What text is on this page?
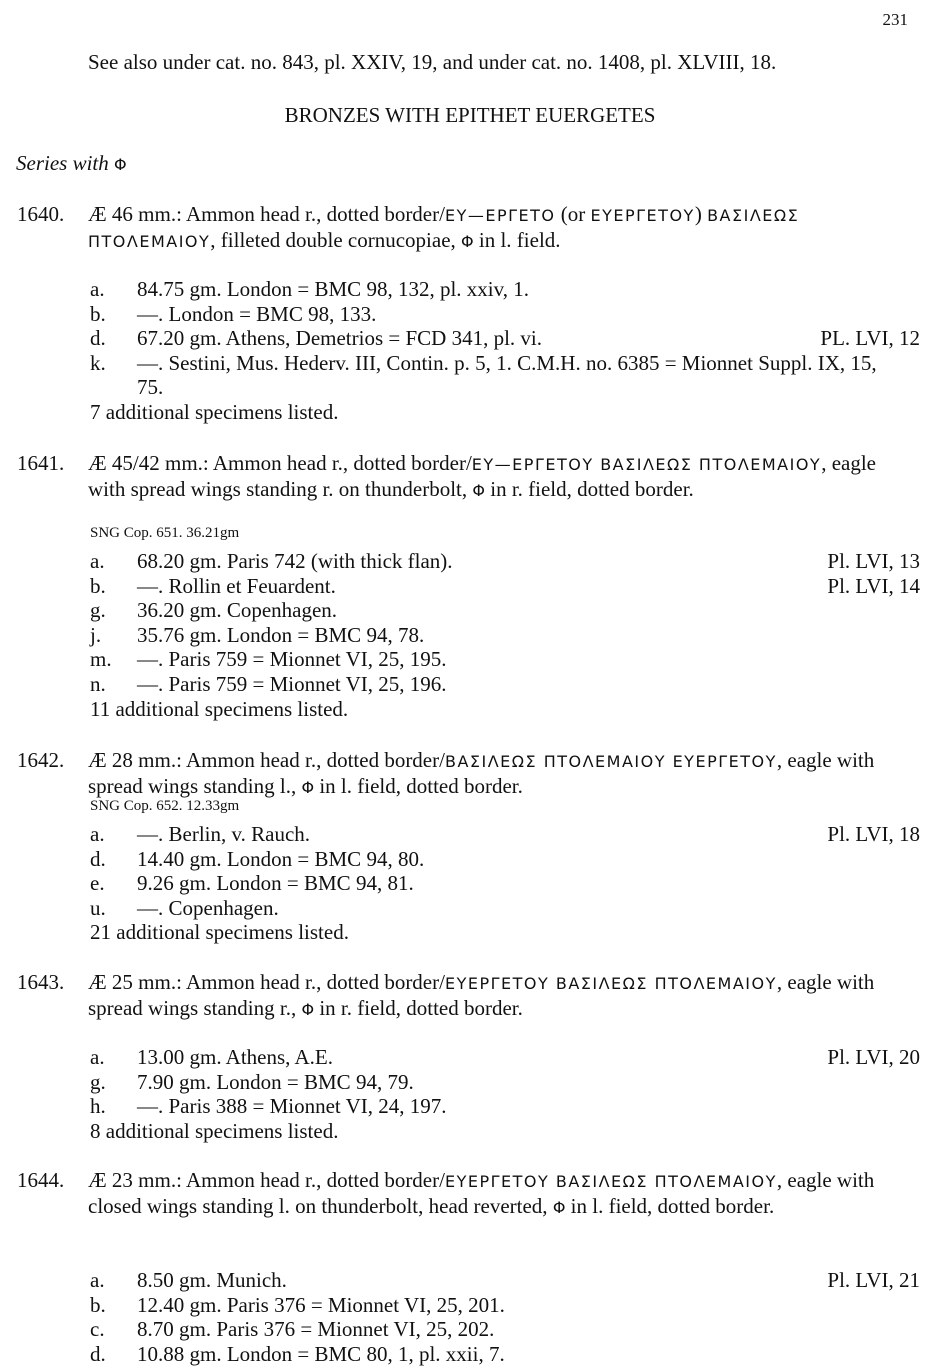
231
See also under cat. no. 843, pl. XXIV, 19, and under cat. no. 1408, pl. XLVIII, 18.
BRONZES WITH EPITHET EUERGETES
Series with Φ
1640. Æ 46 mm.: Ammon head r., dotted border/ΕΥ—ΕΡΓΕΤΟ (or ΕΥΕΡΓΕΤΟΥ) ΒΑΣΙΛΕΩΣ ΠΤΟΛΕΜΑΙΟΥ, filleted double cornucopiae, Φ in l. field.
a. 84.75 gm. London = BMC 98, 132, pl. xxiv, 1.
b. —. London = BMC 98, 133.
d. 67.20 gm. Athens, Demetrios = FCD 341, pl. vi.	PL. LVI, 12
k. —. Sestini, Mus. Hederv. III, Contin. p. 5, 1. C.M.H. no. 6385 = Mionnet Suppl. IX, 15, 75.
7 additional specimens listed.
1641. Æ 45/42 mm.: Ammon head r., dotted border/ΕΥ—ΕΡΓΕΤΟΥ ΒΑΣΙΛΕΩΣ ΠΤΟΛΕΜΑΙΟΥ, eagle with spread wings standing r. on thunderbolt, Φ in r. field, dotted border.
SNG Cop. 651. 36.21gm
a. 68.20 gm. Paris 742 (with thick flan).	Pl. LVI, 13
b. —. Rollin et Feuardent.	Pl. LVI, 14
g. 36.20 gm. Copenhagen.
j. 35.76 gm. London = BMC 94, 78.
m. —. Paris 759 = Mionnet VI, 25, 195.
n. —. Paris 759 = Mionnet VI, 25, 196.
11 additional specimens listed.
1642. Æ 28 mm.: Ammon head r., dotted border/ΒΑΣΙΛΕΩΣ ΠΤΟΛΕΜΑΙΟΥ ΕΥΕΡΓΕΤΟΥ, eagle with spread wings standing l., Φ in l. field, dotted border.
SNG Cop. 652. 12.33gm
a. —. Berlin, v. Rauch.	Pl. LVI, 18
d. 14.40 gm. London = BMC 94, 80.
e. 9.26 gm. London = BMC 94, 81.
u. —. Copenhagen.
21 additional specimens listed.
1643. Æ 25 mm.: Ammon head r., dotted border/ΕΥΕΡΓΕΤΟΥ ΒΑΣΙΛΕΩΣ ΠΤΟΛΕΜΑΙΟΥ, eagle with spread wings standing r., Φ in r. field, dotted border.
a. 13.00 gm. Athens, A.E.	Pl. LVI, 20
g. 7.90 gm. London = BMC 94, 79.
h. —. Paris 388 = Mionnet VI, 24, 197.
8 additional specimens listed.
1644. Æ 23 mm.: Ammon head r., dotted border/ΕΥΕΡΓΕΤΟΥ ΒΑΣΙΛΕΩΣ ΠΤΟΛΕΜΑΙΟΥ, eagle with closed wings standing l. on thunderbolt, head reverted, Φ in l. field, dotted border.
a. 8.50 gm. Munich.	Pl. LVI, 21
b. 12.40 gm. Paris 376 = Mionnet VI, 25, 201.
c. 8.70 gm. Paris 376 = Mionnet VI, 25, 202.
d. 10.88 gm. London = BMC 80, 1, pl. xxii, 7.
